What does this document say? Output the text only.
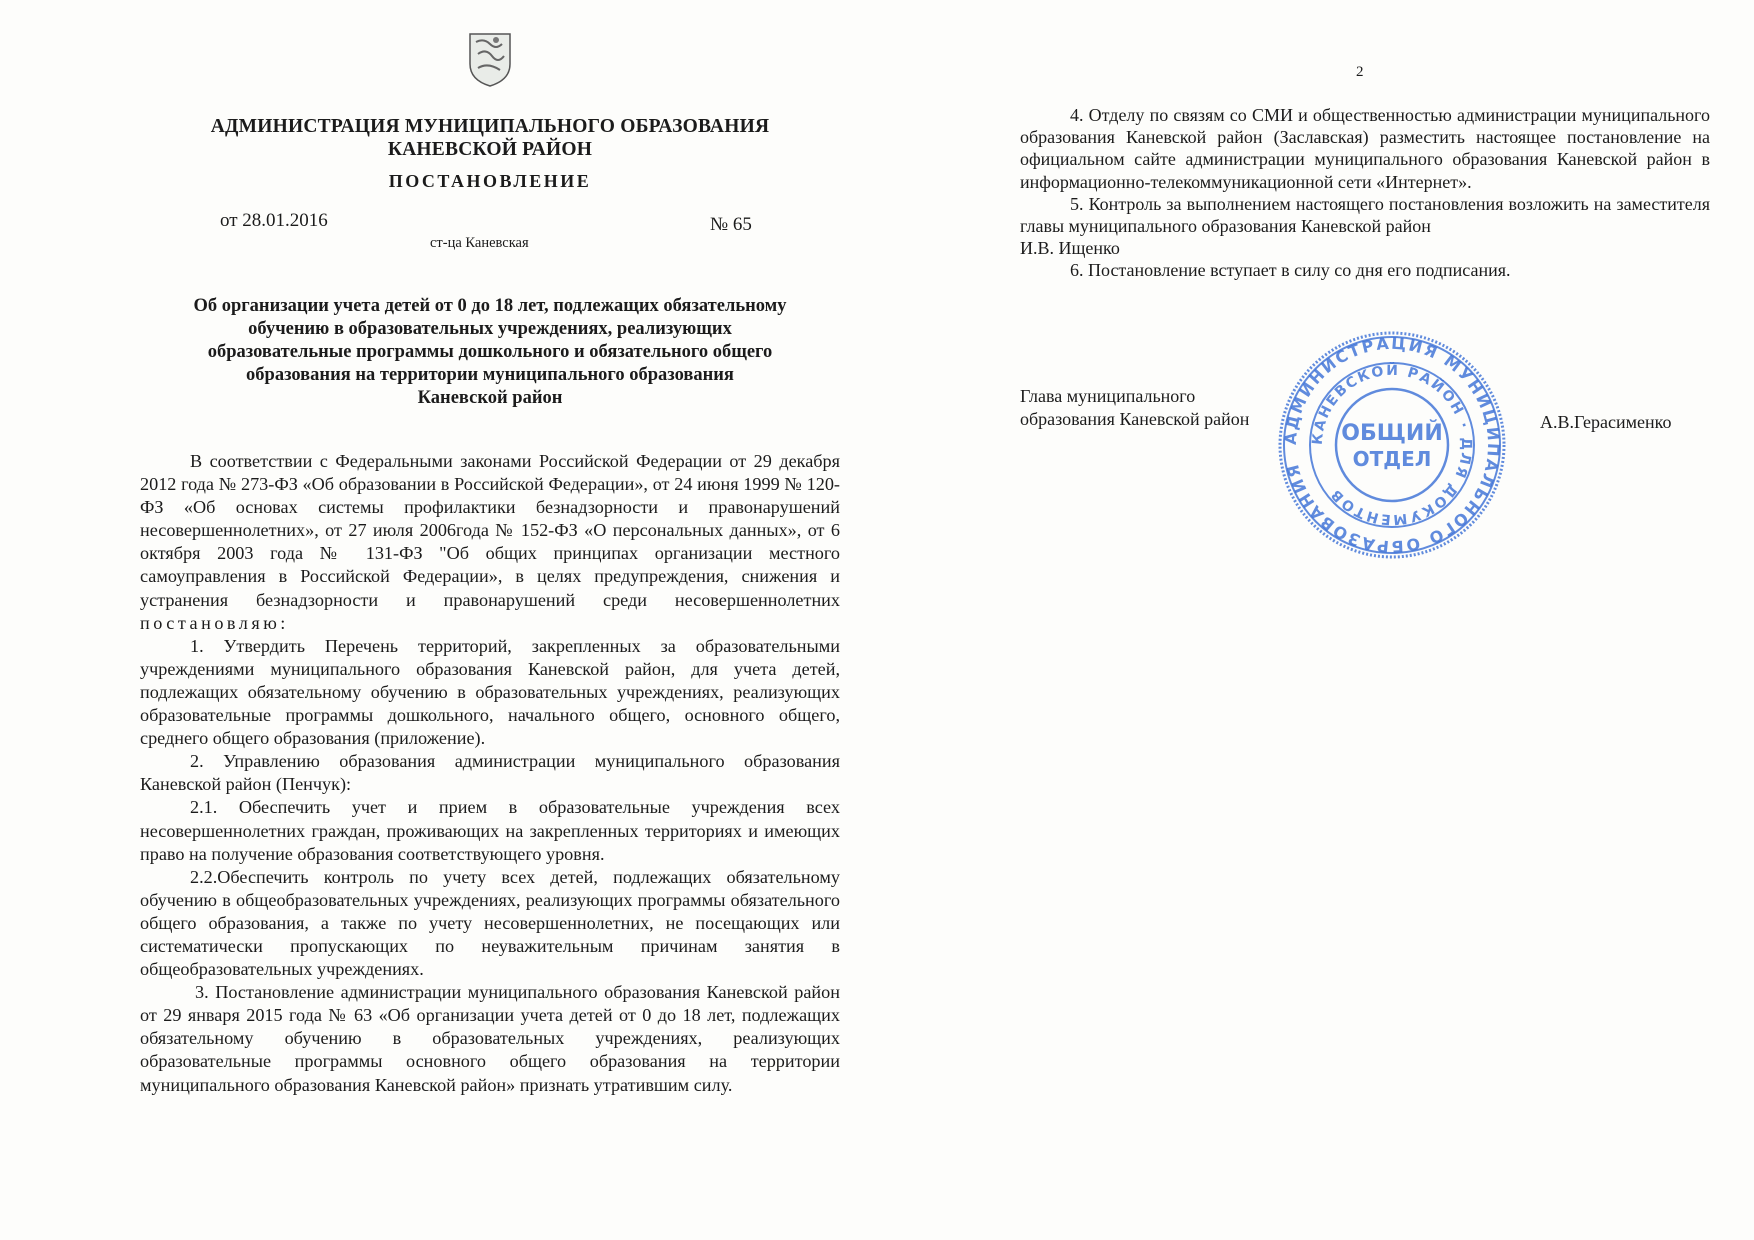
АДМИНИСТРАЦИЯ МУНИЦИПАЛЬНОГО ОБРАЗОВАНИЯ
КАНЕВСКОЙ РАЙОН
ПОСТАНОВЛЕНИЕ
от 28.01.2016	№ 65
ст-ца Каневская
Об организации учета детей от 0 до 18 лет, подлежащих обязательному
обучению в образовательных учреждениях, реализующих
образовательные программы дошкольного и обязательного общего
образования на территории муниципального образования
Каневской район

В соответствии с Федеральными законами Российской Федерации от 29 декабря 2012 года № 273-ФЗ «Об образовании в Российской Федерации», от 24 июня 1999 № 120-ФЗ «Об основах системы профилактики безнадзорности и правонарушений несовершеннолетних», от 27 июля 2006года № 152-ФЗ «О персональных данных», от 6 октября 2003 года № 131-ФЗ "Об общих принципах организации местного самоуправления в Российской Федерации», в целях предупреждения, снижения и устранения безнадзорности и правонарушений среди несовершеннолетних постановляю:

1. Утвердить Перечень территорий, закрепленных за образовательными учреждениями муниципального образования Каневской район, для учета детей, подлежащих обязательному обучению в образовательных учреждениях, реализующих образовательные программы дошкольного, начального общего, основного общего, среднего общего образования (приложение).

2. Управлению образования администрации муниципального образования Каневской район (Пенчук):

2.1. Обеспечить учет и прием в образовательные учреждения всех несовершеннолетних граждан, проживающих на закрепленных территориях и имеющих право на получение образования соответствующего уровня.

2.2.Обеспечить контроль по учету всех детей, подлежащих обязательному обучению в общеобразовательных учреждениях, реализующих программы обязательного общего образования, а также по учету несовершеннолетних, не посещающих или систематически пропускающих по неуважительным причинам занятия в общеобразовательных учреждениях.

3. Постановление администрации муниципального образования Каневской район от 29 января 2015 года № 63 «Об организации учета детей от 0 до 18 лет, подлежащих обязательному обучению в образовательных учреждениях, реализующих образовательные программы основного общего образования на территории муниципального образования Каневской район» признать утратившим силу.

2

4. Отделу по связям со СМИ и общественностью администрации муниципального образования Каневской район (Заславская) разместить настоящее постановление на официальном сайте администрации муниципального образования Каневской район в информационно-телекоммуникационной сети «Интернет».

5. Контроль за выполнением настоящего постановления возложить на заместителя главы муниципального образования Каневской район

И.В. Ищенко

6. Постановление вступает в силу со дня его подписания.

Глава муниципального
образования Каневской район	А.В.Герасименко
АДМИНИСТРАЦИЯ МУНИЦИПАЛЬНОГО ОБРАЗОВАНИЯ
КАНЕВСКОЙ РАЙОН · ДЛЯ ДОКУМЕНТОВ
ОБЩИЙ
ОТДЕЛ
